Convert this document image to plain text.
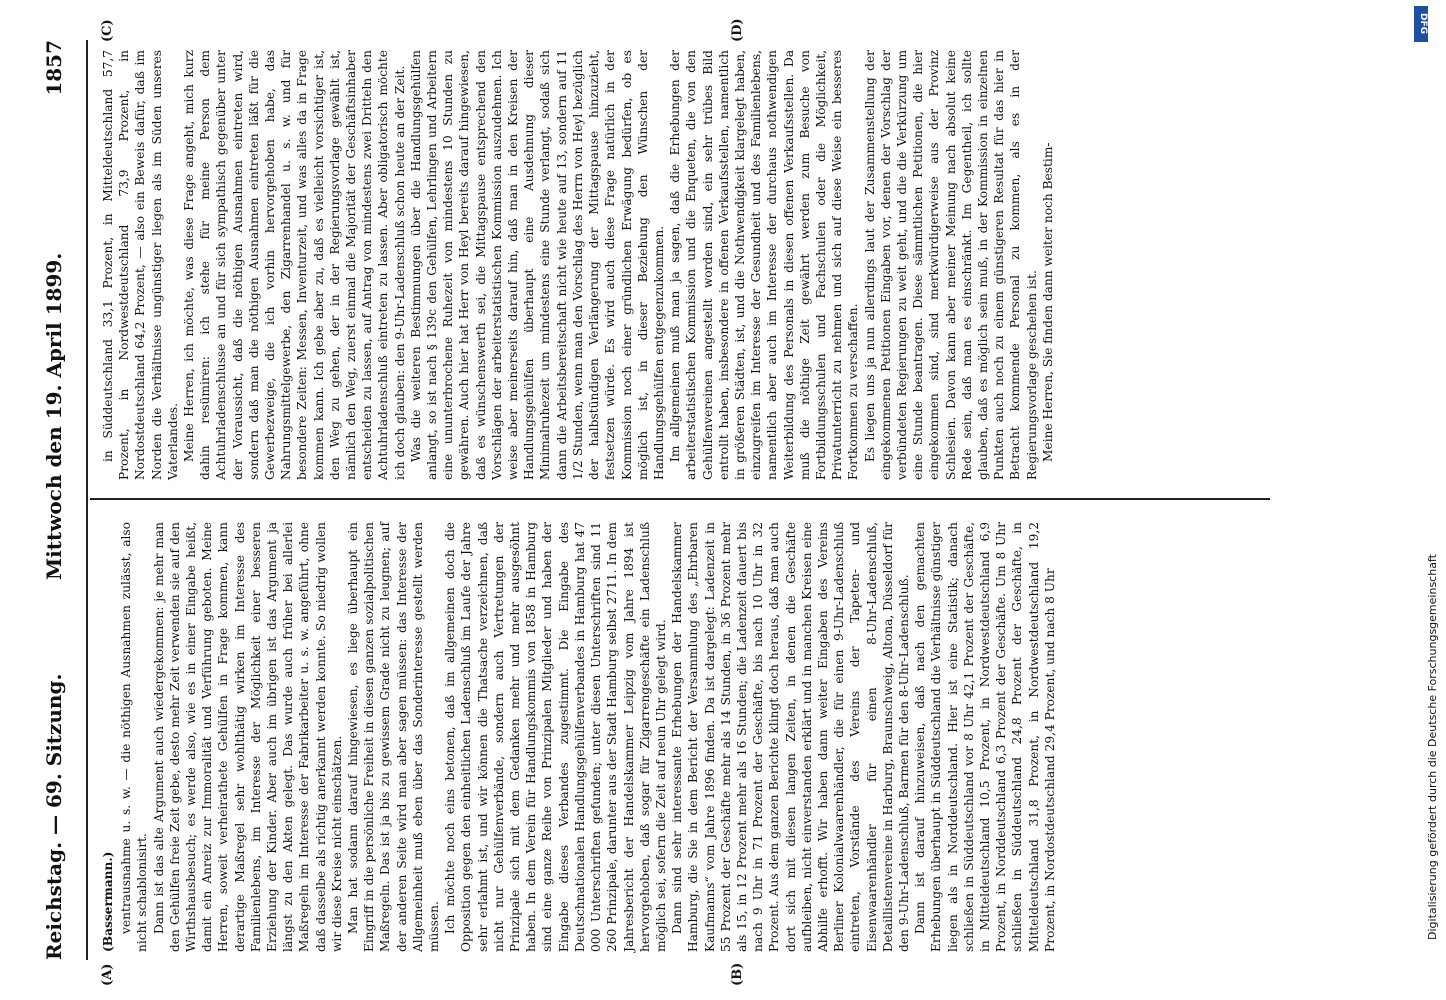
Reichstag. — 69. Sitzung.
Mittwoch den 19. April 1899.
1857
(A)	(B)
(C)	(D)
(Bassermann.) ventrausnahme u. s. w. — die nöthigen Ausnahmen zulässt, also nicht schablonisirt. Dann ist das alte Argument auch wiedergekommen: je mehr man den Gehülfen freie Zeit gebe, desto mehr Zeit verwenden sie auf den Wirthshausbesuch; es werde also, wie es in einer Eingabe heißt, damit ein Anreiz zur Immoralität und Verführung geboten. Meine Herren, soweit verheirathete Gehülfen in Frage kommen, kann derartige Maßregel sehr wohlthätig wirken im Interesse des Familienlebens, im Interesse der Möglichkeit einer besseren Erziehung der Kinder. Aber auch im übrigen ist das Argument ja längst zu den Akten gelegt. Das wurde auch früher bei allerlei Maßregeln im Interesse der Fabrikarbeiter u. s. w. angeführt, ohne daß dasselbe als richtig anerkannt werden konnte. So niedrig wollen wir diese Kreise nicht einschätzen. Man hat sodann darauf hingewiesen, es liege überhaupt ein Eingriff in die persönliche Freiheit in diesen ganzen sozialpolitischen Maßregeln. Das ist ja bis zu gewissem Grade nicht zu leugnen; auf der anderen Seite wird man aber sagen müssen: das Interesse der Allgemeinheit muß eben über das Sonderinteresse gestellt werden müssen. Ich möchte noch eins betonen, daß im allgemeinen doch die Opposition gegen den einheitlichen Ladenschluß im Laufe der Jahre sehr erlahmt ist, und wir können die Thatsache verzeichnen, daß nicht nur Gehülfenverbände, sondern auch Vertretungen der Prinzipale sich mit dem Gedanken mehr und mehr ausgesöhnt haben. In dem Verein für Handlungskommis von 1858 in Hamburg sind eine ganze Reihe von Prinzipalen Mitglieder und haben der Eingabe dieses Verbandes zugestimmt. Die Eingabe des Deutschnationalen Handlungsgehülfenverbandes in Hamburg hat 47 000 Unterschriften gefunden; unter diesen Unterschriften sind 11 260 Prinzipale, darunter aus der Stadt Hamburg selbst 2711. In dem Jahresbericht der Handelskammer Leipzig vom Jahre 1894 ist hervorgehoben, daß sogar für Zigarrengeschäfte ein Ladenschluß möglich sei, sofern die Zeit auf neun Uhr gelegt wird. Dann sind sehr interessante Erhebungen der Handelskammer Hamburg, die Sie in dem Bericht der Versammlung des „Ehrbaren Kaufmanns“ vom Jahre 1896 finden. Da ist dargelegt: Ladenzeit in 55 Prozent der Geschäfte mehr als 14 Stunden, in 36 Prozent mehr als 15, in 12 Prozent mehr als 16 Stunden; die Ladenzeit dauert bis nach 9 Uhr in 71 Prozent der Geschäfte, bis nach 10 Uhr in 32 Prozent. Aus dem ganzen Berichte klingt doch heraus, daß man auch dort sich mit diesen langen Zeiten, in denen die Geschäfte aufbleiben, nicht einverstanden erklärt und in manchen Kreisen eine Abhilfe erhofft. Wir haben dann weiter Eingaben des Vereins Berliner Kolonialwaarenhändler, die für einen 9-Uhr-Ladenschluß eintreten, Vorstände des Vereins der Tapeten- und Eisenwaarenhändler für einen 8-Uhr-Ladenschluß, Detaillistenvereine in Harburg, Braunschweig, Altona, Düsseldorf für den 9-Uhr-Ladenschluß, Barmen für den 8-Uhr-Ladenschluß. Dann ist darauf hinzuweisen, daß nach den gemachten Erhebungen überhaupt in Süddeutschland die Verhältnisse günstiger liegen als in Norddeutschland. Hier ist eine Statistik; danach schließen in Süddeutschland vor 8 Uhr 42,1 Prozent der Geschäfte, in Mitteldeutschland 10,5 Prozent, in Nordwestdeutschland 6,9 Prozent, in Norddeutschland 6,3 Prozent der Geschäfte. Um 8 Uhr schließen in Süddeutschland 24,8 Prozent der Geschäfte, in Mitteldeutschland 31,8 Prozent, in Nordwestdeutschland 19,2 Prozent, in Nordostdeutschland 29,4 Prozent, und nach 8 Uhr

in Süddeutschland 33,1 Prozent, in Mitteldeutschland 57,7 Prozent, in Nordwestdeutschland 73,9 Prozent, in Nordostdeutschland 64,2 Prozent, — also ein Beweis dafür, daß im Norden die Verhältnisse ungünstiger liegen als im Süden unseres Vaterlandes. Meine Herren, ich möchte, was diese Frage angeht, mich kurz dahin resümiren: ich stehe für meine Person dem Achtuhrladenschlusse an und für sich sympathisch gegenüber unter der Voraussicht, daß die nöthigen Ausnahmen eintreten wird, sondern daß man die nöthigen Ausnahmen eintreten läßt für die Gewerbezweige, die ich vorhin hervorgehoben habe, das Nahrungsmittelgewerbe, den Zigarrenhandel u. s. w. und für besondere Zeiten: Messen, Inventurzeit, und was alles da in Frage kommen kann. Ich gebe aber zu, daß es vielleicht vorsichtiger ist, den Weg zu gehen, der in der Regierungsvorlage gewählt ist, nämlich den Weg, zuerst einmal die Majorität der Geschäftsinhaber entscheiden zu lassen, auf Antrag von mindestens zwei Dritteln den Achtuhrladenschluß eintreten zu lassen. Aber obligatorisch möchte ich doch glauben: den 9-Uhr-Ladenschluß schon heute an der Zeit. Was die weiteren Bestimmungen über die Handlungsgehülfen anlangt, so ist nach § 139c den Gehülfen, Lehrlingen und Arbeitern eine ununterbrochene Ruhezeit von mindestens 10 Stunden zu gewähren. Auch hier hat Herr von Heyl bereits darauf hingewiesen, daß es wünschenswerth sei, die Mittagspause entsprechend den Vorschlägen der arbeiterstatistischen Kommission auszudehnen. Ich weise aber meinerseits darauf hin, daß man in den Kreisen der Handlungsgehülfen überhaupt eine Ausdehnung dieser Minimalruhezeit um mindestens eine Stunde verlangt, sodaß sich dann die Arbeitsbereitschaft nicht wie heute auf 13, sondern auf 11 1/2 Stunden, wenn man den Vorschlag des Herrn von Heyl bezüglich der halbstündigen Verlängerung der Mittagspause hinzuzieht, festsetzen würde. Es wird auch diese Frage natürlich in der Kommission noch einer gründlichen Erwägung bedürfen, ob es möglich ist, in dieser Beziehung den Wünschen der Handlungsgehülfen entgegenzukommen. Im allgemeinen muß man ja sagen, daß die Erhebungen der arbeiterstatistischen Kommission und die Enqueten, die von den Gehülfenvereinen angestellt worden sind, ein sehr trübes Bild entrollt haben, insbesondere in offenen Verkaufsstellen, namentlich in größeren Städten, ist, und die Nothwendigkeit klargelegt haben, einzugreifen im Interesse der Gesundheit und des Familienlebens, namentlich aber auch im Interesse der durchaus nothwendigen Weiterbildung des Personals in diesen offenen Verkaufsstellen. Da muß die nöthige Zeit gewährt werden zum Besuche von Fortbildungsschulen und Fachschulen oder die Möglichkeit, Privatunterricht zu nehmen und sich auf diese Weise ein besseres Fortkommen zu verschaffen. Es liegen uns ja nun allerdings laut der Zusammenstellung der eingekommenen Petitionen Eingaben vor, denen der Vorschlag der verbündeten Regierungen zu weit geht, und die die Verkürzung um eine Stunde beantragen. Diese sämmtlichen Petitionen, die hier eingekommen sind, sind merkwürdigerweise aus der Provinz Schlesien. Davon kann aber meiner Meinung nach absolut keine Rede sein, daß man es einschränkt. Im Gegentheil, ich sollte glauben, daß es möglich sein muß, in der Kommission in einzelnen Punkten auch noch zu einem günstigeren Resultat für das hier in Betracht kommende Personal zu kommen, als es in der Regierungsvorlage geschehen ist. Meine Herren, Sie finden dann weiter noch Bestim-

Digitalisierung gefördert durch die Deutsche Forschungsgemeinschaft
DFG
